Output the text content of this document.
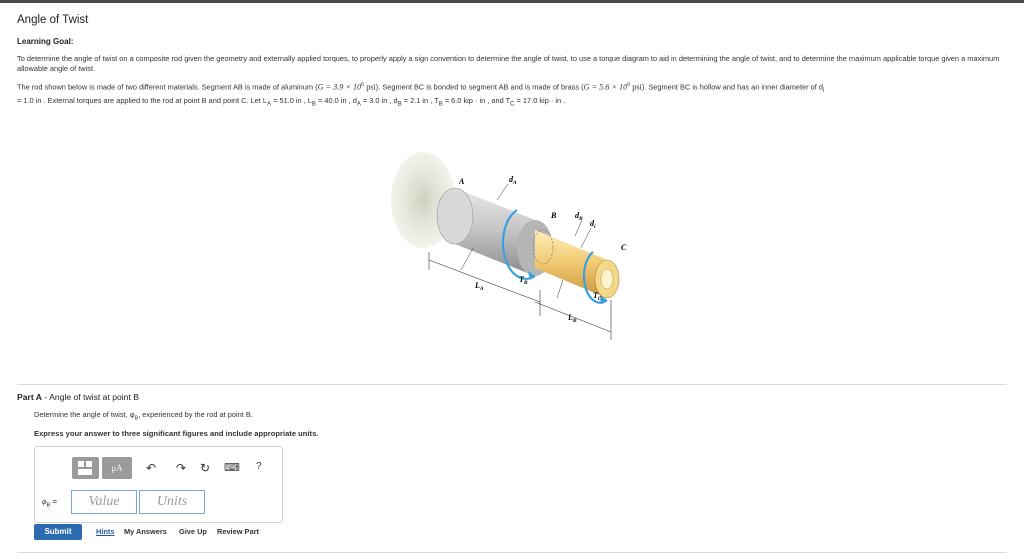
Angle of Twist
Learning Goal:
To determine the angle of twist on a composite rod given the geometry and externally applied torques, to properly apply a sign convention to determine the angle of twist, to use a torque diagram to aid in determining the angle of twist, and to determine the maximum applicable torque given a maximum allowable angle of twist.
The rod shown below is made of two different materials. Segment AB is made of aluminum ($G = 3.9 \times 10^6$ psi). Segment BC is bonded to segment AB and is made of brass ($G = 5.6 \times 10^6$ psi). Segment BC is hollow and has an inner diameter of $d_i$
= 1.0 in . External torques are applied to the rod at point B and point C. Let $L_A = 51.0$ in , $L_B = 40.0$ in , $d_A = 3.0$ in , $d_B = 2.1$ in , $T_B = 6.0$ kip · in , and $T_C = 17.0$ kip · in .
A
B
C
$d_A$
$d_B$ $d_i$
$T_B$
$T_C$
$L_A$
$L_B$
Part A - Angle of twist at point B
Determine the angle of twist, $\varphi_B$, experienced by the rod at point B.
Express your answer to three significant figures and include appropriate units.
μA	↶ ↷ ↻ ⌨ ?
$\varphi_B$ =	Value	Units
Submit	Hints My Answers Give Up Review Part
